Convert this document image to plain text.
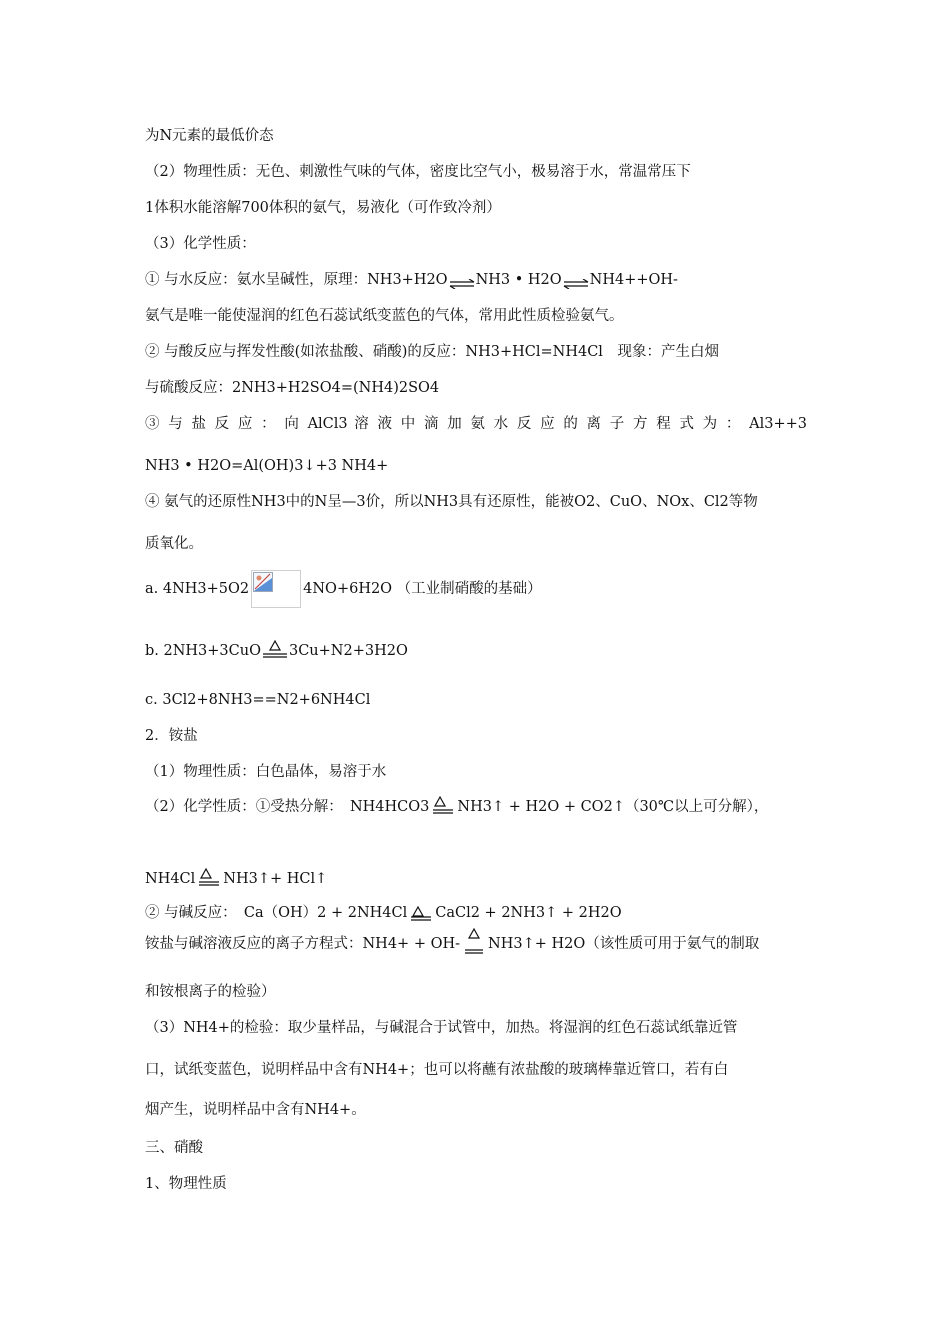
为N元素的最低价态
（2）物理性质：无色、刺激性气味的气体，密度比空气小，极易溶于水，常温常压下
1体积水能溶解700体积的氨气，易液化（可作致冷剂）
（3）化学性质：
① 与水反应：氨水呈碱性，原理：NH3+H2O⇌NH3 • H2O⇌NH4++OH-
氨气是唯一能使湿润的红色石蕊试纸变蓝色的气体，常用此性质检验氨气。
② 与酸反应与挥发性酸(如浓盐酸、硝酸)的反应：NH3+HCl=NH4Cl　现象：产生白烟
与硫酸反应：2NH3+H2SO4=(NH4)2SO4
③ 与 盐 反 应 ： 向 AlCl3 溶 液 中 滴 加 氨 水 反 应 的 离 子 方 程 式 为 ： Al3++3
NH3 • H2O=Al(OH)3↓+3 NH4+
④ 氨气的还原性NH3中的N呈—3价，所以NH3具有还原性，能被O2、CuO、NOx、Cl2等物
质氧化。
a. 4NH3+5O2	4NO+6H2O （工业制硝酸的基础）
b. 2NH3+3CuO 3Cu+N2+3H2O
c. 3Cl2+8NH3==N2+6NH4Cl
2．铵盐
（1）物理性质：白色晶体，易溶于水
（2）化学性质：①受热分解：　NH4HCO3 NH3↑ + H2O + CO2↑（30℃以上可分解），
NH4Cl NH3↑+ HCl↑
② 与碱反应：　Ca（OH）2 + 2NH4Cl CaCl2 + 2NH3↑ + 2H2O
铵盐与碱溶液反应的离子方程式：NH4+ + OH- NH3↑+ H2O（该性质可用于氨气的制取
和铵根离子的检验）
（3）NH4+的检验：取少量样品，与碱混合于试管中，加热。将湿润的红色石蕊试纸靠近管
口，试纸变蓝色，说明样品中含有NH4+；也可以将蘸有浓盐酸的玻璃棒靠近管口，若有白
烟产生，说明样品中含有NH4+。
三、硝酸
1、物理性质
